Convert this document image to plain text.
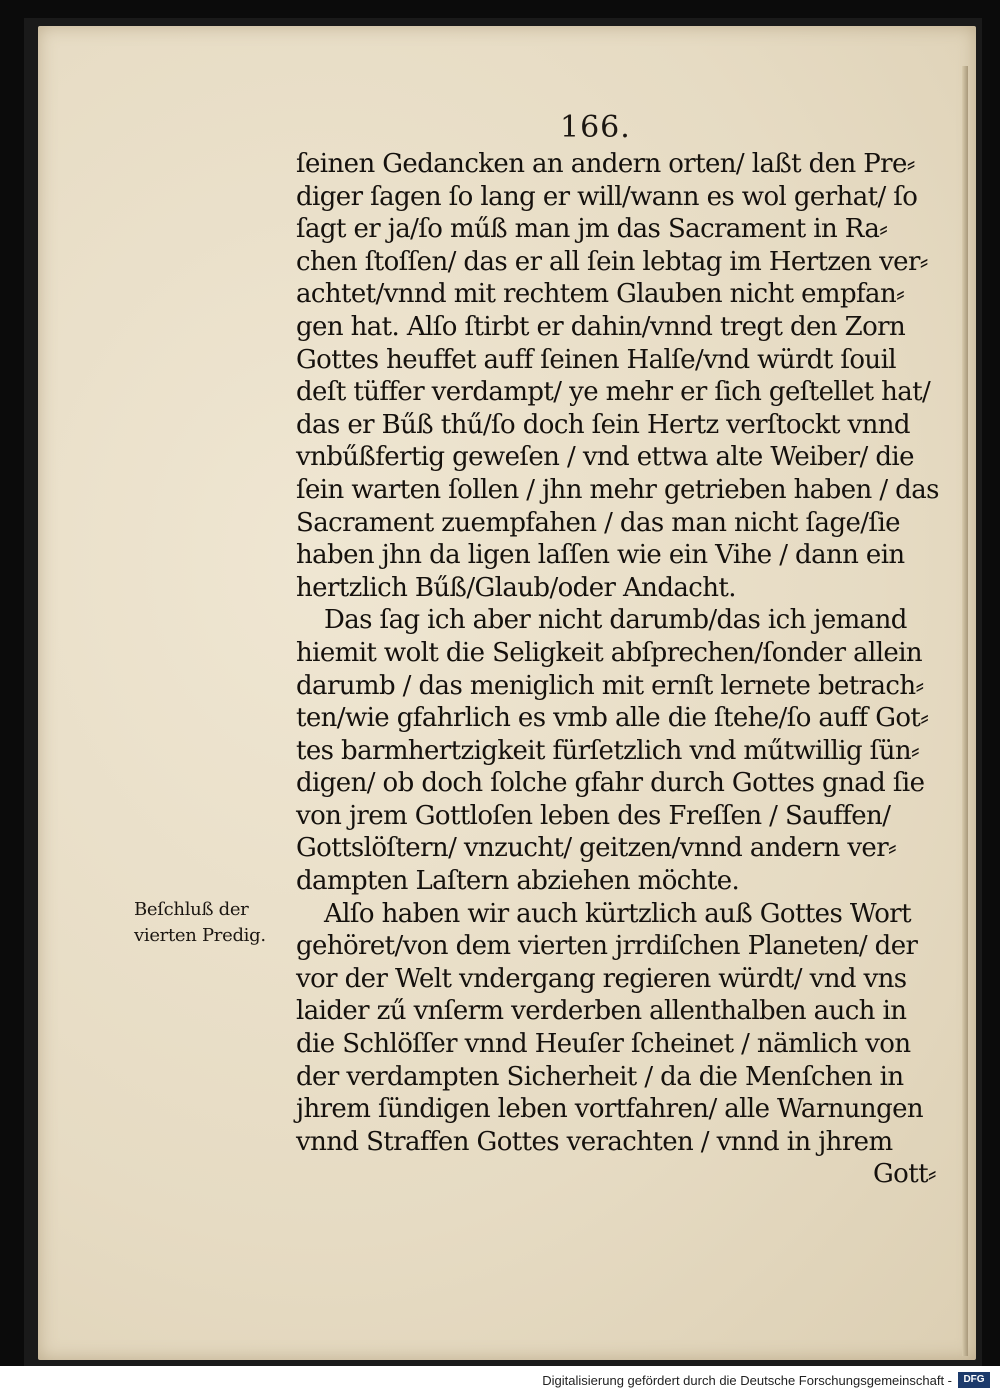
166.
ſeinen Gedancken an andern orten/ laßt den Pre⸗
diger ſagen ſo lang er will/wann es wol gerhat/ ſo
ſagt er ja/ſo műß man jm das Sacrament in Ra⸗
chen ſtoſſen/ das er all ſein lebtag im Hertzen ver⸗
achtet/vnnd mit rechtem Glauben nicht empfan⸗
gen hat. Alſo ſtirbt er dahin/vnnd tregt den Zorn
Gottes heuffet auff ſeinen Halſe/vnd würdt ſouil
deſt tüffer verdampt/ ye mehr er ſich geſtellet hat/
das er Bűß thű/ſo doch ſein Hertz verſtockt vnnd
vnbűßfertig geweſen / vnd ettwa alte Weiber/ die
ſein warten ſollen / jhn mehr getrieben haben / das
Sacrament zuempfahen / das man nicht ſage/ſie
haben jhn da ligen laſſen wie ein Vihe / dann ein
hertzlich Bűß/Glaub/oder Andacht.
Das ſag ich aber nicht darumb/das ich jemand
hiemit wolt die Seligkeit abſprechen/ſonder allein
darumb / das meniglich mit ernſt lernete betrach⸗
ten/wie gfahrlich es vmb alle die ſtehe/ſo auff Got⸗
tes barmhertzigkeit fürſetzlich vnd műtwillig ſün⸗
digen/ ob doch ſolche gfahr durch Gottes gnad ſie
von jrem Gottloſen leben des Freſſen / Sauffen/
Gottslöſtern/ vnzucht/ geitzen/vnnd andern ver⸗
dampten Laſtern abziehen möchte.
Alſo haben wir auch kürtzlich auß Gottes Wort
gehöret/von dem vierten jrrdiſchen Planeten/ der
vor der Welt vndergang regieren würdt/ vnd vns
laider zű vnſerm verderben allenthalben auch in
die Schlöſſer vnnd Heuſer ſcheinet / nämlich von
der verdampten Sicherheit / da die Menſchen in
jhrem ſündigen leben vortfahren/ alle Warnungen
vnnd Straffen Gottes verachten / vnnd in jhrem
Gott⸗
Beſchluß der
vierten Predig.
Digitalisierung gefördert durch die Deutsche Forschungsgemeinschaft -	DFG
